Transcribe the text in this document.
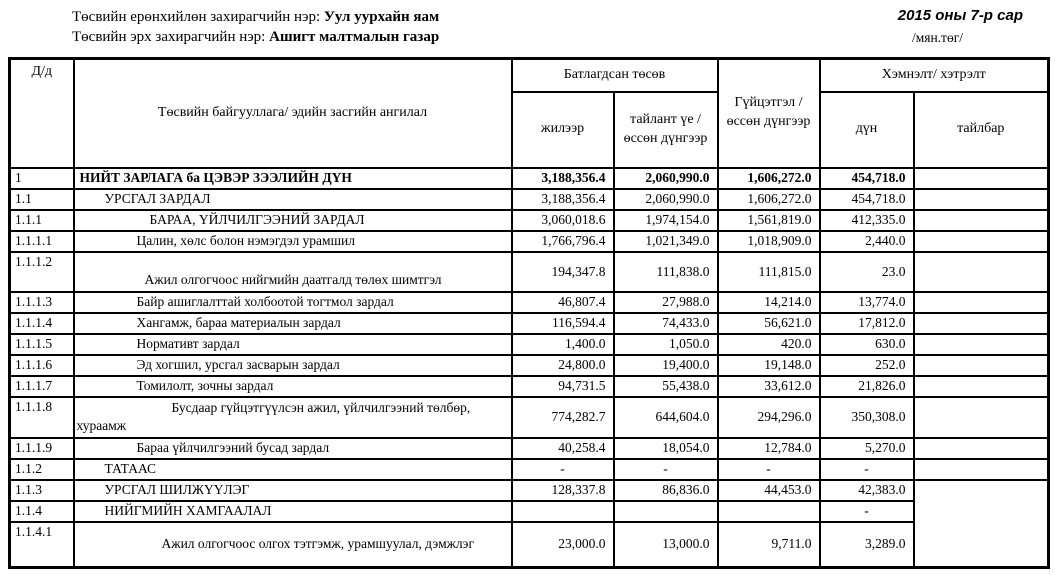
Төсвийн ерөнхийлөн захирагчийн нэр: Уул уурхайн яам
Төсвийн эрх захирагчийн нэр: Ашигт малтмалын газар
2015 оны 7-р сар
/мян.төг/
Д/д	Төсвийн байгууллага/ эдийн засгийн ангилал	Батлагдсан төсөв		Гүйцэтгэл /өссөн дүнгээр	Хэмнэлт/ хэтрэлт	
		жилээр	тайлант үе /өссөн дүнгээр		дүн	тайлбар
1	НИЙТ ЗАРЛАГА ба ЦЭВЭР ЗЭЭЛИЙН ДҮН	3,188,356.4	2,060,990.0	1,606,272.0	454,718.0	
1.1	УРСГАЛ ЗАРДАЛ	3,188,356.4	2,060,990.0	1,606,272.0	454,718.0	
1.1.1	БАРАА, ҮЙЛЧИЛГЭЭНИЙ ЗАРДАЛ	3,060,018.6	1,974,154.0	1,561,819.0	412,335.0	
1.1.1.1	Цалин, хөлс болон нэмэгдэл урамшил	1,766,796.4	1,021,349.0	1,018,909.0	2,440.0	
1.1.1.2	Ажил олгогчоос нийгмийн даатгалд төлөх шимтгэл	194,347.8	111,838.0	111,815.0	23.0	
1.1.1.3	Байр ашиглалттай холбоотой тогтмол зардал	46,807.4	27,988.0	14,214.0	13,774.0	
1.1.1.4	Хангамж, бараа материалын зардал	116,594.4	74,433.0	56,621.0	17,812.0	
1.1.1.5	Нормативт зардал	1,400.0	1,050.0	420.0	630.0	
1.1.1.6	Эд хогшил, урсгал засварын зардал	24,800.0	19,400.0	19,148.0	252.0	
1.1.1.7	Томилолт, зочны зардал	94,731.5	55,438.0	33,612.0	21,826.0	
1.1.1.8	Бусдаар гүйцэтгүүлсэн ажил, үйлчилгээний төлбөр, хураамж	774,282.7	644,604.0	294,296.0	350,308.0	
1.1.1.9	Бараа үйлчилгээний бусад зардал	40,258.4	18,054.0	12,784.0	5,270.0	
1.1.2	ТАТААС	-	-	-	-	
1.1.3	УРСГАЛ ШИЛЖҮҮЛЭГ	128,337.8	86,836.0	44,453.0	42,383.0	
1.1.4	НИЙГМИЙН ХАМГААЛАЛ				-	
1.1.4.1	Ажил олгогчоос олгох тэтгэмж, урамшуулал, дэмжлэг	23,000.0	13,000.0	9,711.0	3,289.0	
